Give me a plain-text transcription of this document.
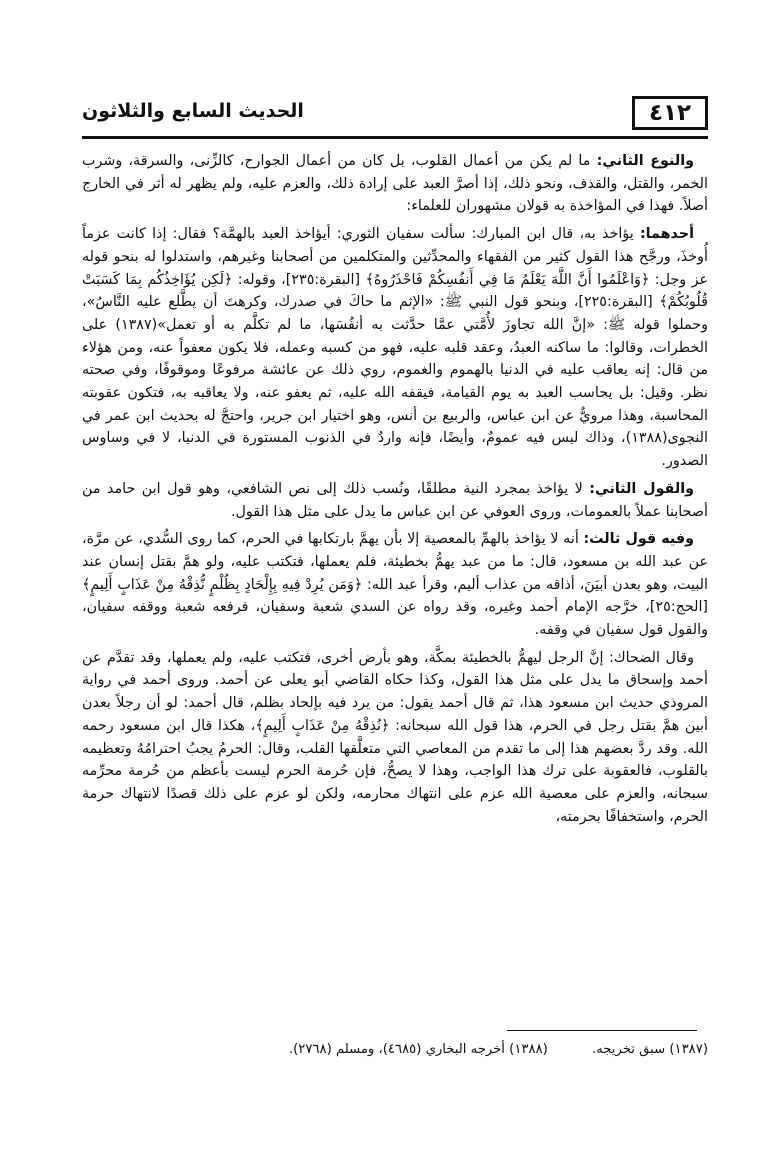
٤١٢
الحديث السابع والثلاثون

والنوع الثاني: ما لم يكن من أعمال القلوب، بل كان من أعمال الجوارح، كالزِّنى، والسرقة، وشرب الخمر، والقتل، والقذف، ونحو ذلك، إذا أصرَّ العبد على إرادة ذلك، والعزم عليه، ولم يظهر له أثر في الخارج أصلاً. فهذا في المؤاخذة به قولان مشهوران للعلماء:

أحدهما: يؤاخذ به، قال ابن المبارك: سألت سفيان الثوري: أيؤاخذ العبد بالهمَّة؟ فقال: إذا كانت عزماً أُوخذَ، ورجَّح هذا القول كثير من الفقهاء والمحدِّثين والمتكلمين من أصحابنا وغيرهم، واستدلوا له بنحو قوله عز وجل: ﴿وَاعْلَمُوا أَنَّ اللَّهَ يَعْلَمُ مَا فِي أَنفُسِكُمْ فَاحْذَرُوهُ﴾ [البقرة:٢٣٥]، وقوله: ﴿لَكِن يُؤَاخِذُكُم بِمَا كَسَبَتْ قُلُوبُكُمْ﴾ [البقرة:٢٢٥]، وبنحو قول النبي ﷺ: «الإثم ما حاكَ في صدرك، وكرهتَ أن يطَّلع عليه النَّاسُ»، وحملوا قوله ﷺ: «إنَّ الله تجاوزَ لأُمَّتي عمَّا حدَّثت به أنفُسَها، ما لم تكلَّم به أو تعمل»(١٣٨٧) على الخطرات، وقالوا: ما ساكنه العبدُ، وعقد قلبه عليه، فهو من كسبه وعمله، فلا يكون معفواً عنه، ومن هؤلاء من قال: إنه يعاقب عليه في الدنيا بالهموم والغموم، روي ذلك عن عائشة مرفوعًا وموقوفًا، وفي صحته نظر. وقيل: بل يحاسب العبد به يوم القيامة، فيقفه الله عليه، ثم يعفو عنه، ولا يعاقبه به، فتكون عقوبته المحاسبة، وهذا مرويٌّ عن ابن عباس، والربيع بن أنس، وهو اختيار ابن جرير، واحتجَّ له بحديث ابن عمر في النجوى(١٣٨٨)، وذاك ليس فيه عمومٌ، وأيضًا، فإنه واردٌ في الذنوب المستورة في الدنيا، لا في وساوس الصدور.

والقول الثاني: لا يؤاخذ بمجرد النية مطلقًا، ونُسب ذلك إلى نص الشافعي، وهو قول ابن حامد من أصحابنا عملاً بالعمومات، وروى العوفي عن ابن عباس ما يدل على مثل هذا القول.

وفيه قول ثالث: أنه لا يؤاخذ بالهمِّ بالمعصية إلا بأن يهمَّ بارتكابها في الحرم، كما روى السُّدي، عن مرَّة، عن عبد الله بن مسعود، قال: ما من عبد يهمُّ بخطيئة، فلم يعملها، فتكتب عليه، ولو همَّ بقتل إنسان عند البيت، وهو بعدن أبيَنَ، أذاقه من عذاب أليم، وقرأ عبد الله: ﴿وَمَن يُرِدْ فِيهِ بِإِلْحَادٍ بِظُلْمٍ نُّذِقْهُ مِنْ عَذَابٍ أَلِيمٍ﴾ [الحج:٢٥]، خرَّجه الإمام أحمد وغيره، وقد رواه عن السدي شعبة وسفيان، فرفعه شعبة ووقفه سفيان، والقول قول سفيان في وقفه.

وقال الضحاك: إنَّ الرجل ليهمُّ بالخطيئة بمكَّة، وهو بأرض أخرى، فتكتب عليه، ولم يعملها، وقد تقدَّم عن أحمد وإسحاق ما يدل على مثل هذا القول، وكذا حكاه القاضي أبو يعلى عن أحمد. وروى أحمد في رواية المروذي حديث ابن مسعود هذا، ثم قال أحمد يقول: من يرد فيه بإلحاد بظلم، قال أحمد: لو أن رجلاً بعدن أبين همَّ بقتل رجل في الحرم، هذا قول الله سبحانه: ﴿نُذِقْهُ مِنْ عَذَابٍ أَلِيمٍ﴾، هكذا قال ابن مسعود رحمه الله. وقد ردَّ بعضهم هذا إلى ما تقدم من المعاصي التي متعلَّقها القلب، وقال: الحرمُ يجبُ احترامُهُ وتعظيمه بالقلوب، فالعقوبة على ترك هذا الواجب، وهذا لا يصحُّ، فإن حُرمة الحرم ليست بأعظم من حُرمة محرِّمه سبحانه، والعزم على معصية الله عزم على انتهاك محارمه، ولكن لو عزم على ذلك قصدًا لانتهاك حرمة الحرم، واستخفافًا بحرمته،

(١٣٨٧) سبق تخريجه. (١٣٨٨) أخرجه البخاري (٤٦٨٥)، ومسلم (٢٧٦٨).
